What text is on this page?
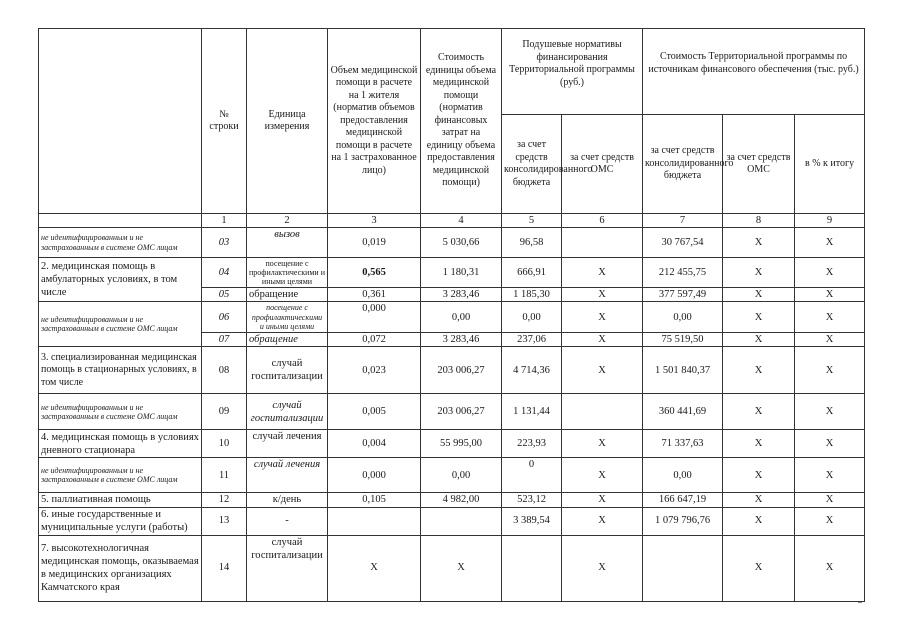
	№ строки	Единица измерения	Объем медицинской помощи в расчете на 1 жителя (норматив объемов предоставления медицинской помощи в расчете на 1 застрахованное лицо)	Стоимость единицы объема медицинской помощи (норматив финансовых затрат на единицу объема предоставления медицинской помощи)	Подушевые нормативы финансирования Территориальной программы (руб.)		Стоимость Территориальной программы по источникам финансового обеспечения (тыс. руб.)		
					за счет средств консолидированного бюджета	за счет средств ОМС	за счет средств консолидированного бюджета	за счет средств ОМС	в % к итогу
	1	2	3	4	5	6	7	8	9
не идентифицированным и не застрахованным в системе ОМС лицам	03	вызов	0,019	5 030,66	96,58		30 767,54	Х	Х
2. медицинская помощь в амбулаторных условиях, в том числе	04	посещение с профилактическими и иными целями	0,565	1 180,31	666,91	Х	212 455,75	Х	Х
	05	обращение	0,361	3 283,46	1 185,30	Х	377 597,49	Х	Х
не идентифицированным и не застрахованным в системе ОМС лицам	06	посещение с профилактическими и иными целями	0,000	0,00	0,00	Х	0,00	Х	Х
	07	обращение	0,072	3 283,46	237,06	Х	75 519,50	Х	Х
3. специализированная медицинская помощь в стационарных условиях, в том числе	08	случай госпитализации	0,023	203 006,27	4 714,36	Х	1 501 840,37	Х	Х
не идентифицированным и не застрахованным в системе ОМС лицам	09	случай госпитализации	0,005	203 006,27	1 131,44		360 441,69	Х	Х
4. медицинская помощь в условиях дневного стационара	10	случай лечения	0,004	55 995,00	223,93	Х	71 337,63	Х	Х
не идентифицированным и не застрахованным в системе ОМС лицам	11	случай лечения	0,000	0,00	0	Х	0,00	Х	Х
5. паллиативная помощь	12	к/день	0,105	4 982,00	523,12	Х	166 647,19	Х	Х
6. иные государственные и муниципальные услуги (работы)	13	-			3 389,54	Х	1 079 796,76	Х	Х
7. высокотехнологичная медицинская помощь, оказываемая в медицинских организациях Камчатского края	14	случай госпитализации	Х	Х		Х		Х	Х
